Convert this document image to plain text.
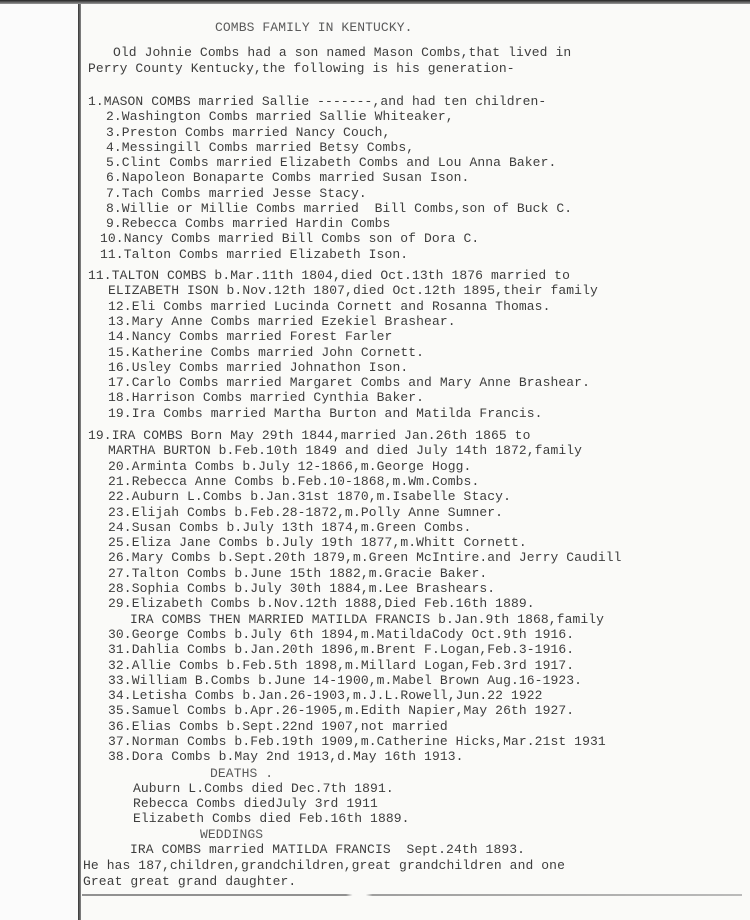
COMBS FAMILY IN KENTUCKY.
Old Johnie Combs had a son named Mason Combs,that lived in
Perry County Kentucky,the following is his generation-
1.MASON COMBS married Sallie -------,and had ten children-
2.Washington Combs married Sallie Whiteaker,
3.Preston Combs married Nancy Couch,
4.Messingill Combs married Betsy Combs,
5.Clint Combs married Elizabeth Combs and Lou Anna Baker.
6.Napoleon Bonaparte Combs married Susan Ison.
7.Tach Combs married Jesse Stacy.
8.Willie or Millie Combs married  Bill Combs,son of Buck C.
9.Rebecca Combs married Hardin Combs
10.Nancy Combs married Bill Combs son of Dora C.
11.Talton Combs married Elizabeth Ison.
11.TALTON COMBS b.Mar.11th 1804,died Oct.13th 1876 married to
ELIZABETH ISON b.Nov.12th 1807,died Oct.12th 1895,their family
12.Eli Combs married Lucinda Cornett and Rosanna Thomas.
13.Mary Anne Combs married Ezekiel Brashear.
14.Nancy Combs married Forest Farler
15.Katherine Combs married John Cornett.
16.Usley Combs married Johnathon Ison.
17.Carlo Combs married Margaret Combs and Mary Anne Brashear.
18.Harrison Combs married Cynthia Baker.
19.Ira Combs married Martha Burton and Matilda Francis.
19.IRA COMBS Born May 29th 1844,married Jan.26th 1865 to
MARTHA BURTON b.Feb.10th 1849 and died July 14th 1872,family
20.Arminta Combs b.July 12-1866,m.George Hogg.
21.Rebecca Anne Combs b.Feb.10-1868,m.Wm.Combs.
22.Auburn L.Combs b.Jan.31st 1870,m.Isabelle Stacy.
23.Elijah Combs b.Feb.28-1872,m.Polly Anne Sumner.
24.Susan Combs b.July 13th 1874,m.Green Combs.
25.Eliza Jane Combs b.July 19th 1877,m.Whitt Cornett.
26.Mary Combs b.Sept.20th 1879,m.Green McIntire.and Jerry Caudill
27.Talton Combs b.June 15th 1882,m.Gracie Baker.
28.Sophia Combs b.July 30th 1884,m.Lee Brashears.
29.Elizabeth Combs b.Nov.12th 1888,Died Feb.16th 1889.
IRA COMBS THEN MARRIED MATILDA FRANCIS b.Jan.9th 1868,family
30.George Combs b.July 6th 1894,m.MatildaCody Oct.9th 1916.
31.Dahlia Combs b.Jan.20th 1896,m.Brent F.Logan,Feb.3-1916.
32.Allie Combs b.Feb.5th 1898,m.Millard Logan,Feb.3rd 1917.
33.William B.Combs b.June 14-1900,m.Mabel Brown Aug.16-1923.
34.Letisha Combs b.Jan.26-1903,m.J.L.Rowell,Jun.22 1922
35.Samuel Combs b.Apr.26-1905,m.Edith Napier,May 26th 1927.
36.Elias Combs b.Sept.22nd 1907,not married
37.Norman Combs b.Feb.19th 1909,m.Catherine Hicks,Mar.21st 1931
38.Dora Combs b.May 2nd 1913,d.May 16th 1913.
DEATHS .
Auburn L.Combs died Dec.7th 1891.
Rebecca Combs diedJuly 3rd 1911
Elizabeth Combs died Feb.16th 1889.
WEDDINGS
IRA COMBS married MATILDA FRANCIS  Sept.24th 1893.
He has 187,children,grandchildren,great grandchildren and one
Great great grand daughter.
